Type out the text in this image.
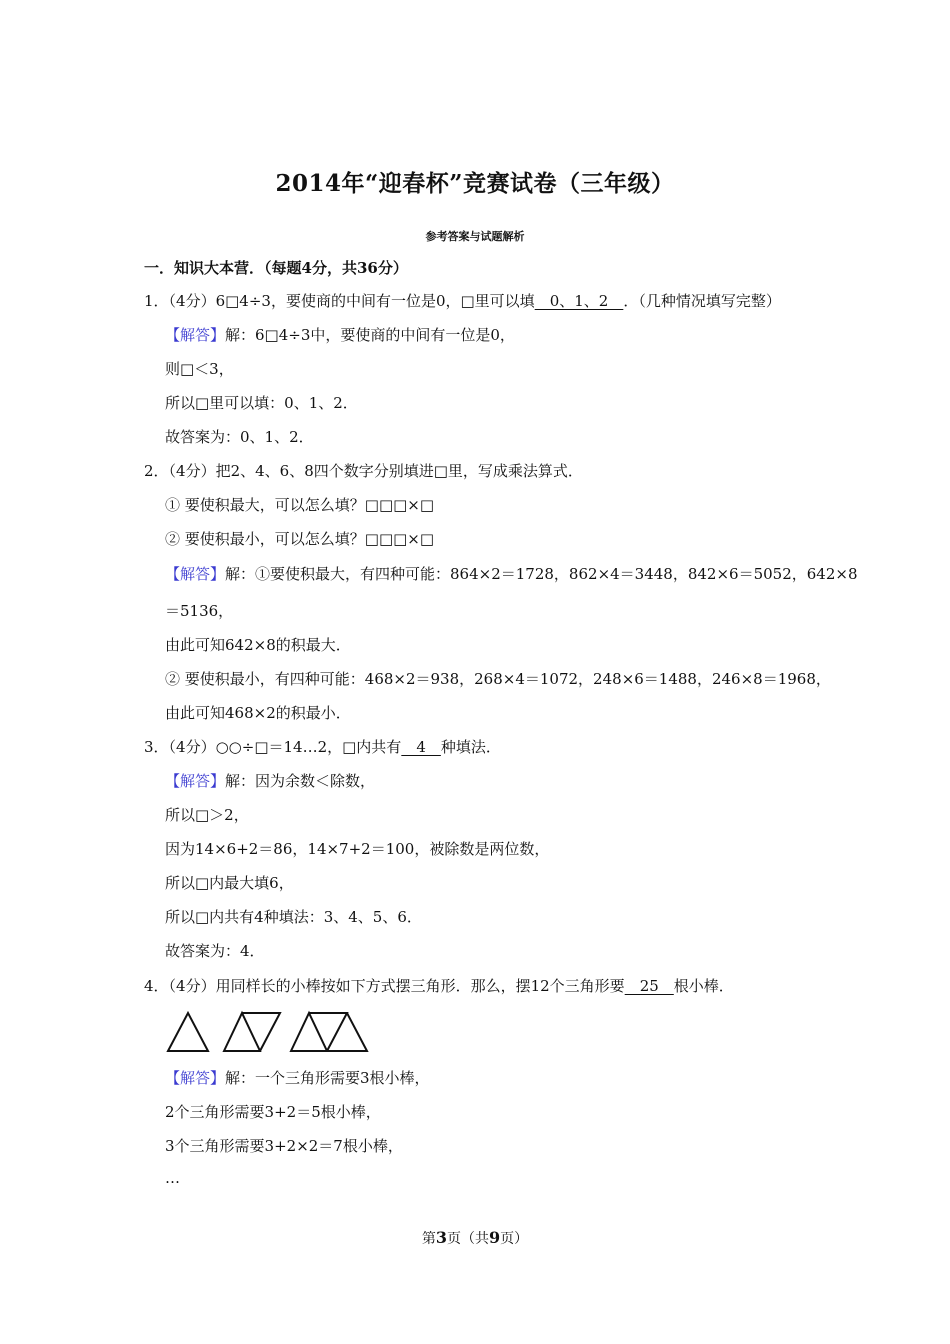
2014年“迎春杯”竞赛试卷（三年级）
参考答案与试题解析
一．知识大本营．（每题4分，共36分）
1．（4分）6□4÷3，要使商的中间有一位是0，□里可以填　0、1、2　．（几种情况填写完整）
【解答】解：6□4÷3中，要使商的中间有一位是0，
则□＜3，
所以□里可以填：0、1、2．
故答案为：0、1、2．
2．（4分）把2、4、6、8四个数字分别填进□里，写成乘法算式．
① 要使积最大，可以怎么填？□□□×□
② 要使积最小，可以怎么填？□□□×□
【解答】解：①要使积最大，有四种可能：864×2＝1728，862×4＝3448，842×6＝5052，642×8
＝5136，
由此可知642×8的积最大．
② 要使积最小，有四种可能：468×2＝938，268×4＝1072，248×6＝1488，246×8＝1968，
由此可知468×2的积最小．
3．（4分）○○÷□＝14…2，□内共有　4　种填法．
【解答】解：因为余数＜除数，
所以□＞2，
因为14×6+2＝86，14×7+2＝100，被除数是两位数，
所以□内最大填6，
所以□内共有4种填法：3、4、5、6．
故答案为：4．
4．（4分）用同样长的小棒按如下方式摆三角形．那么，摆12个三角形要　25　根小棒．
【解答】解：一个三角形需要3根小棒，
2个三角形需要3+2＝5根小棒，
3个三角形需要3+2×2＝7根小棒，
…
第3页（共9页）
